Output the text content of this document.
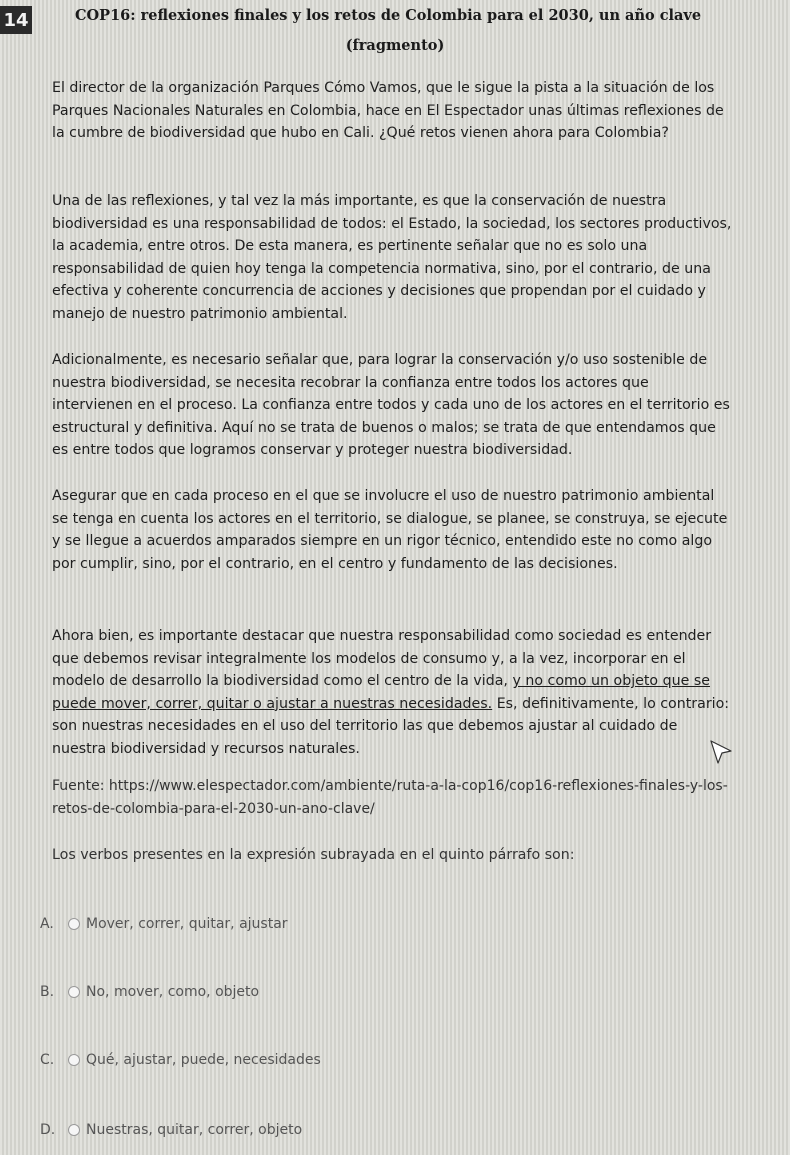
14	COP16: reflexiones finales y los retos de Colombia para el 2030, un año clave
(fragmento)

El director de la organización Parques Cómo Vamos, que le sigue la pista a la situación de los Parques Nacionales Naturales en Colombia, hace en El Espectador unas últimas reflexiones de la cumbre de biodiversidad que hubo en Cali. ¿Qué retos vienen ahora para Colombia?

Una de las reflexiones, y tal vez la más importante, es que la conservación de nuestra biodiversidad es una responsabilidad de todos: el Estado, la sociedad, los sectores productivos, la academia, entre otros. De esta manera, es pertinente señalar que no es solo una responsabilidad de quien hoy tenga la competencia normativa, sino, por el contrario, de una efectiva y coherente concurrencia de acciones y decisiones que propendan por el cuidado y manejo de nuestro patrimonio ambiental.

Adicionalmente, es necesario señalar que, para lograr la conservación y/o uso sostenible de nuestra biodiversidad, se necesita recobrar la confianza entre todos los actores que intervienen en el proceso. La confianza entre todos y cada uno de los actores en el territorio es estructural y definitiva. Aquí no se trata de buenos o malos; se trata de que entendamos que es entre todos que logramos conservar y proteger nuestra biodiversidad.

Asegurar que en cada proceso en el que se involucre el uso de nuestro patrimonio ambiental se tenga en cuenta los actores en el territorio, se dialogue, se planee, se construya, se ejecute y se llegue a acuerdos amparados siempre en un rigor técnico, entendido este no como algo por cumplir, sino, por el contrario, en el centro y fundamento de las decisiones.

Ahora bien, es importante destacar que nuestra responsabilidad como sociedad es entender que debemos revisar integralmente los modelos de consumo y, a la vez, incorporar en el modelo de desarrollo la biodiversidad como el centro de la vida, y no como un objeto que se puede mover, correr, quitar o ajustar a nuestras necesidades. Es, definitivamente, lo contrario: son nuestras necesidades en el uso del territorio las que debemos ajustar al cuidado de nuestra biodiversidad y recursos naturales.

Fuente: https://www.elespectador.com/ambiente/ruta-a-la-cop16/cop16-reflexiones-finales-y-los-retos-de-colombia-para-el-2030-un-ano-clave/

Los verbos presentes en la expresión subrayada en el quinto párrafo son:

A.	Mover, correr, quitar, ajustar
B.	No, mover, como, objeto
C.	Qué, ajustar, puede, necesidades
D.	Nuestras, quitar, correr, objeto
